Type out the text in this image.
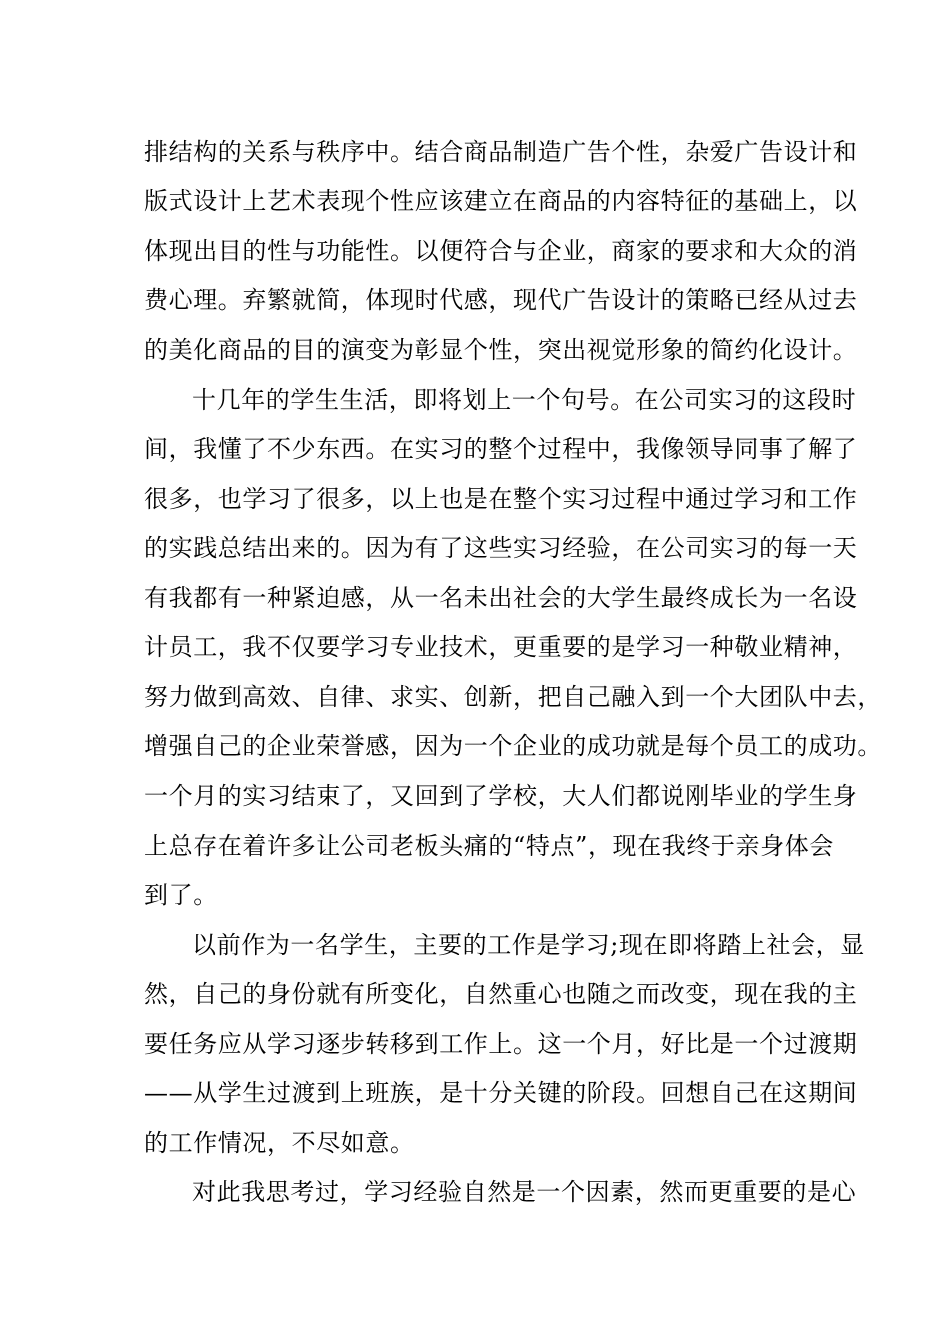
排结构的关系与秩序中。结合商品制造广告个性，杂爱广告设计和
版式设计上艺术表现个性应该建立在商品的内容特征的基础上，以
体现出目的性与功能性。以便符合与企业，商家的要求和大众的消
费心理。弃繁就简，体现时代感，现代广告设计的策略已经从过去
的美化商品的目的演变为彰显个性，突出视觉形象的简约化设计。
十几年的学生生活，即将划上一个句号。在公司实习的这段时
间，我懂了不少东西。在实习的整个过程中，我像领导同事了解了
很多，也学习了很多，以上也是在整个实习过程中通过学习和工作
的实践总结出来的。因为有了这些实习经验，在公司实习的每一天
有我都有一种紧迫感，从一名未出社会的大学生最终成长为一名设
计员工，我不仅要学习专业技术，更重要的是学习一种敬业精神，
努力做到高效、自律、求实、创新，把自己融入到一个大团队中去，
增强自己的企业荣誉感，因为一个企业的成功就是每个员工的成功。
一个月的实习结束了，又回到了学校，大人们都说刚毕业的学生身
上总存在着许多让公司老板头痛的“特点”，现在我终于亲身体会
到了。
以前作为一名学生，主要的工作是学习;现在即将踏上社会，显
然，自己的身份就有所变化，自然重心也随之而改变，现在我的主
要任务应从学习逐步转移到工作上。这一个月，好比是一个过渡期
——从学生过渡到上班族，是十分关键的阶段。回想自己在这期间
的工作情况，不尽如意。
对此我思考过，学习经验自然是一个因素，然而更重要的是心
